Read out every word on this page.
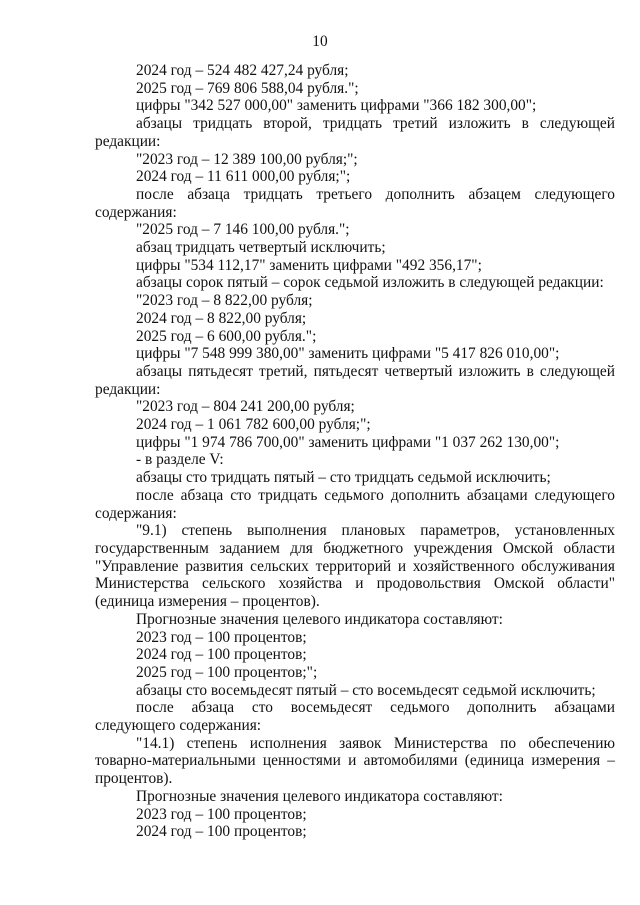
10
2024 год – 524 482 427,24 рубля;
2025 год – 769 806 588,04 рубля.";
цифры "342 527 000,00" заменить цифрами "366 182 300,00";
абзацы тридцать второй, тридцать третий изложить в следующей
редакции:
"2023 год – 12 389 100,00 рубля;";
2024 год – 11 611 000,00 рубля;";
после абзаца тридцать третьего дополнить абзацем следующего
содержания:
"2025 год – 7 146 100,00 рубля.";
абзац тридцать четвертый исключить;
цифры "534 112,17" заменить цифрами "492 356,17";
абзацы сорок пятый – сорок седьмой изложить в следующей редакции:
"2023 год – 8 822,00 рубля;
2024 год – 8 822,00 рубля;
2025 год – 6 600,00 рубля.";
цифры "7 548 999 380,00" заменить цифрами "5 417 826 010,00";
абзацы пятьдесят третий, пятьдесят четвертый изложить в следующей
редакции:
"2023 год – 804 241 200,00 рубля;
2024 год – 1 061 782 600,00 рубля;";
цифры "1 974 786 700,00" заменить цифрами "1 037 262 130,00";
- в разделе V:
абзацы сто тридцать пятый – сто тридцать седьмой исключить;
после абзаца сто тридцать седьмого дополнить абзацами следующего
содержания:
"9.1) степень выполнения плановых параметров, установленных
государственным заданием для бюджетного учреждения Омской области
"Управление развития сельских территорий и хозяйственного обслуживания
Министерства сельского хозяйства и продовольствия Омской области"
(единица измерения – процентов).
Прогнозные значения целевого индикатора составляют:
2023 год – 100 процентов;
2024 год – 100 процентов;
2025 год – 100 процентов;";
абзацы сто восемьдесят пятый – сто восемьдесят седьмой исключить;
после абзаца сто восемьдесят седьмого дополнить абзацами
следующего содержания:
"14.1) степень исполнения заявок Министерства по обеспечению
товарно-материальными ценностями и автомобилями (единица измерения –
процентов).
Прогнозные значения целевого индикатора составляют:
2023 год – 100 процентов;
2024 год – 100 процентов;
